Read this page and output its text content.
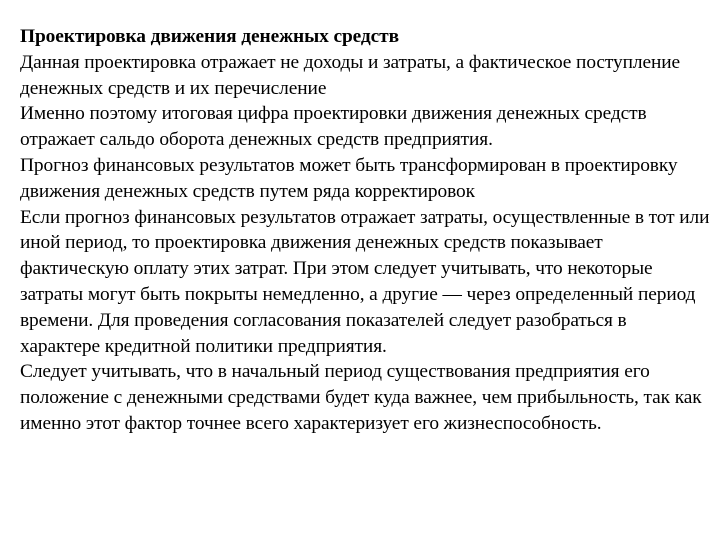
Проектировка движения денежных средств

Данная проектировка отражает не доходы и затраты, а фактическое поступление денежных средств и их перечисление

Именно поэтому итоговая цифра проектировки движения денежных средств отражает сальдо оборота денежных средств предприятия.

Прогноз финансовых результатов может быть трансформирован в проектировку движения денежных средств путем ряда корректировок

Если прогноз финансовых результатов отражает затраты, осуществленные в тот или иной период, то проектировка движения денежных средств показывает фактическую оплату этих затрат. При этом следует учитывать, что некоторые затраты могут быть покрыты немедленно, а другие — через определенный период времени. Для проведения согласования показателей следует разобраться в характере кредитной политики предприятия.

Следует учитывать, что в начальный период существования предприятия его положение с денежными средствами будет куда важнее, чем прибыльность, так как именно этот фактор точнее всего характеризует его жизнеспособность.
